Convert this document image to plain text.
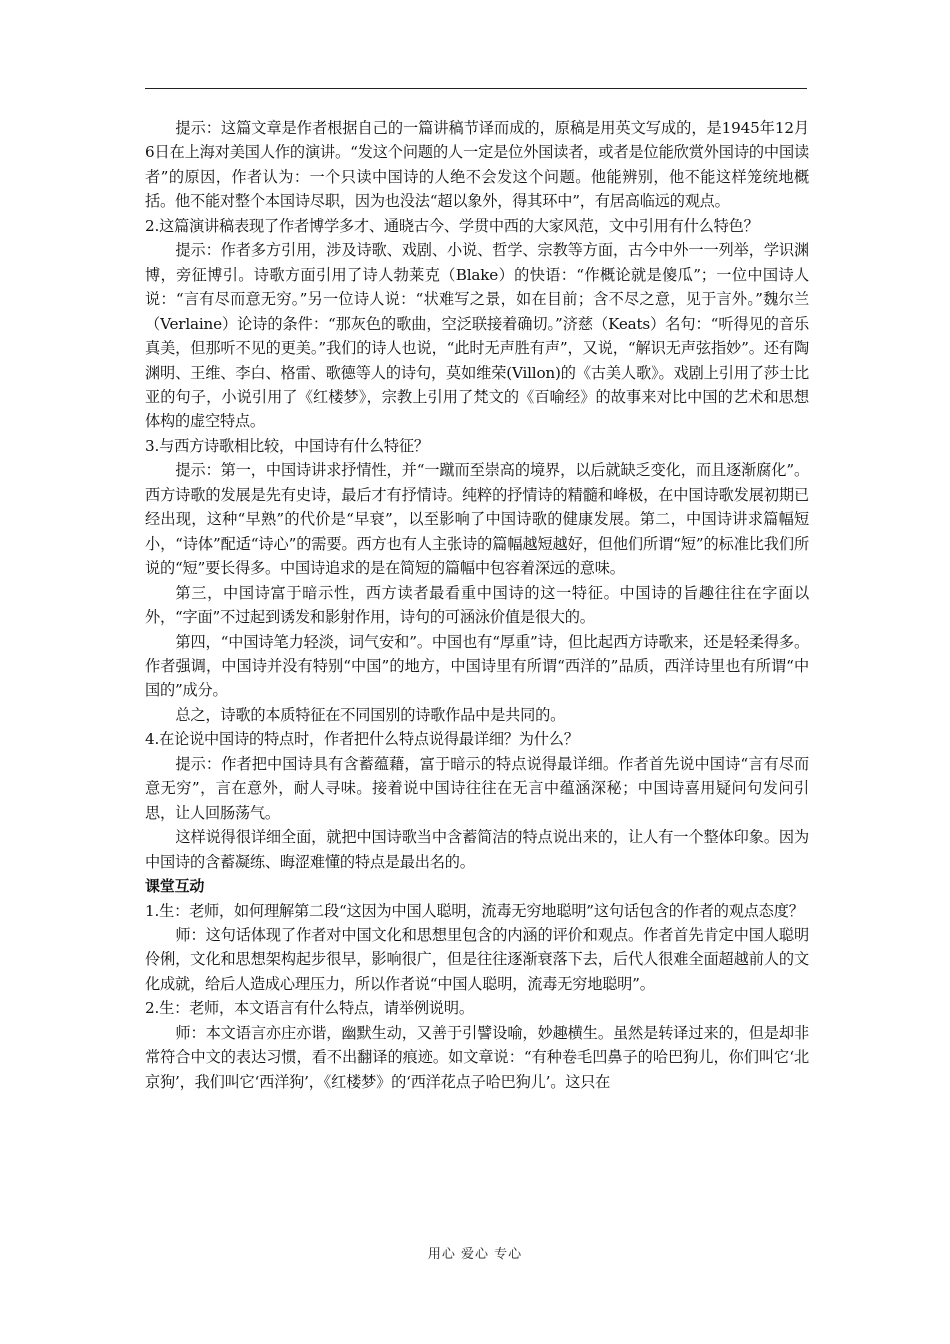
提示：这篇文章是作者根据自己的一篇讲稿节译而成的，原稿是用英文写成的，是1945年12月6日在上海对美国人作的演讲。“发这个问题的人一定是位外国读者，或者是位能欣赏外国诗的中国读者”的原因，作者认为：一个只读中国诗的人绝不会发这个问题。他能辨别，他不能这样笼统地概括。他不能对整个本国诗尽职，因为也没法“超以象外，得其环中”，有居高临远的观点。

2.这篇演讲稿表现了作者博学多才、通晓古今、学贯中西的大家风范，文中引用有什么特色？

提示：作者多方引用，涉及诗歌、戏剧、小说、哲学、宗教等方面，古今中外一一列举，学识渊博，旁征博引。诗歌方面引用了诗人勃莱克（Blake）的快语：“作概论就是傻瓜”；一位中国诗人说：“言有尽而意无穷。”另一位诗人说：“状难写之景，如在目前；含不尽之意，见于言外。”魏尔兰（Verlaine）论诗的条件：“那灰色的歌曲，空泛联接着确切。”济慈（Keats）名句：“听得见的音乐真美，但那听不见的更美。”我们的诗人也说，“此时无声胜有声”，又说，“解识无声弦指妙”。还有陶渊明、王维、李白、格雷、歌德等人的诗句，莫如维荣(Villon)的《古美人歌》。戏剧上引用了莎士比亚的句子，小说引用了《红楼梦》，宗教上引用了梵文的《百喻经》的故事来对比中国的艺术和思想体构的虚空特点。

3.与西方诗歌相比较，中国诗有什么特征？

提示：第一，中国诗讲求抒情性，并“一蹴而至崇高的境界，以后就缺乏变化，而且逐渐腐化”。西方诗歌的发展是先有史诗，最后才有抒情诗。纯粹的抒情诗的精髓和峰极，在中国诗歌发展初期已经出现，这种“早熟”的代价是“早衰”，以至影响了中国诗歌的健康发展。第二，中国诗讲求篇幅短小，“诗体”配适“诗心”的需要。西方也有人主张诗的篇幅越短越好，但他们所谓“短”的标准比我们所说的“短”要长得多。中国诗追求的是在简短的篇幅中包容着深远的意味。

第三，中国诗富于暗示性，西方读者最看重中国诗的这一特征。中国诗的旨趣往往在字面以外，“字面”不过起到诱发和影射作用，诗句的可涵泳价值是很大的。

第四，“中国诗笔力轻淡，词气安和”。中国也有“厚重”诗，但比起西方诗歌来，还是轻柔得多。作者强调，中国诗并没有特别“中国”的地方，中国诗里有所谓“西洋的”品质，西洋诗里也有所谓“中国的”成分。

总之，诗歌的本质特征在不同国别的诗歌作品中是共同的。

4.在论说中国诗的特点时，作者把什么特点说得最详细？为什么？

提示：作者把中国诗具有含蓄蕴藉，富于暗示的特点说得最详细。作者首先说中国诗“言有尽而意无穷”，言在意外，耐人寻味。接着说中国诗往往在无言中蕴涵深秘；中国诗喜用疑问句发问引思，让人回肠荡气。

这样说得很详细全面，就把中国诗歌当中含蓄简洁的特点说出来的，让人有一个整体印象。因为中国诗的含蓄凝练、晦涩难懂的特点是最出名的。

课堂互动

1.生：老师，如何理解第二段“这因为中国人聪明，流毒无穷地聪明”这句话包含的作者的观点态度？

师：这句话体现了作者对中国文化和思想里包含的内涵的评价和观点。作者首先肯定中国人聪明伶俐，文化和思想架构起步很早，影响很广，但是往往逐渐衰落下去，后代人很难全面超越前人的文化成就，给后人造成心理压力，所以作者说“中国人聪明，流毒无穷地聪明”。

2.生：老师，本文语言有什么特点，请举例说明。

师：本文语言亦庄亦谐，幽默生动，又善于引譬设喻，妙趣横生。虽然是转译过来的，但是却非常符合中文的表达习惯，看不出翻译的痕迹。如文章说：“有种卷毛凹鼻子的哈巴狗儿，你们叫它‘北京狗’，我们叫它‘西洋狗’，《红楼梦》的‘西洋花点子哈巴狗儿’。这只在

用心 爱心 专心
